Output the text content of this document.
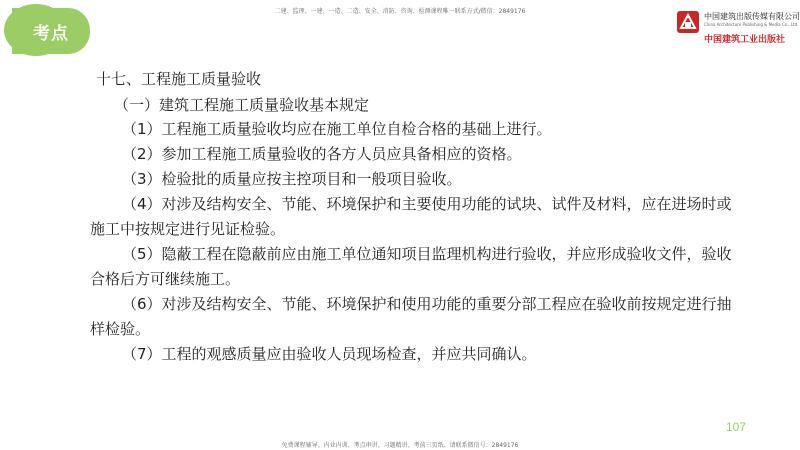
二建、监理、一建、一造、二造、安全、消防、咨询、检测课程唯一联系方式/微信：2849176
考点
中国建筑出版传媒有限公司
China Architecture Publishing & Media Co., Ltd.
中国建筑工业出版社
十七、工程施工质量验收
（一）建筑工程施工质量验收基本规定
（1）工程施工质量验收均应在施工单位自检合格的基础上进行。
（2）参加工程施工质量验收的各方人员应具备相应的资格。
（3）检验批的质量应按主控项目和一般项目验收。
（4）对涉及结构安全、节能、环境保护和主要使用功能的试块、试件及材料，应在进场时或施工中按规定进行见证检验。
（5）隐蔽工程在隐蔽前应由施工单位通知项目监理机构进行验收，并应形成验收文件，验收合格后方可继续施工。
（6）对涉及结构安全、节能、环境保护和使用功能的重要分部工程应在验收前按规定进行抽样检验。
（7）工程的观感质量应由验收人员现场检查，并应共同确认。
107
免费课程辅导、内业内训、考点串讲、习题精讲、考前三页纸、请联系微信号：2849176
